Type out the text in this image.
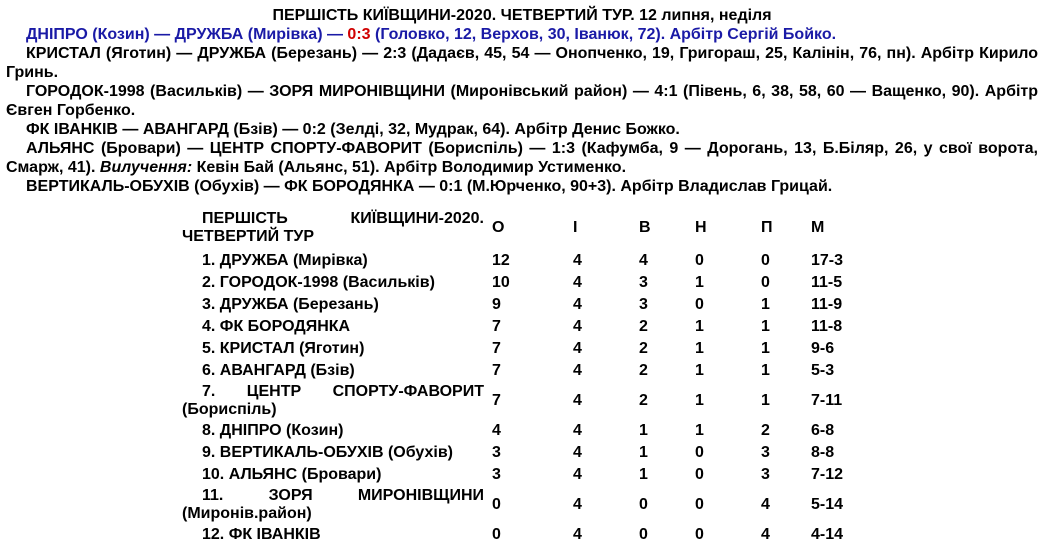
ПЕРШІСТЬ КИЇВЩИНИ-2020. ЧЕТВЕРТИЙ ТУР. 12 липня, неділя

ДНІПРО (Козин) — ДРУЖБА (Мирівка) — 0:3 (Головко, 12, Верхов, 30, Іванюк, 72). Арбітр Сергій Бойко.

КРИСТАЛ (Яготин) — ДРУЖБА (Березань) — 2:3 (Дадаєв, 45, 54 — Онопченко, 19, Григораш, 25, Калінін, 76, пн). Арбітр Кирило Гринь.

ГОРОДОК-1998 (Васильків) — ЗОРЯ МИРОНІВЩИНИ (Миронівський район) — 4:1 (Півень, 6, 38, 58, 60 — Ващенко, 90). Арбітр Євген Горбенко.

ФК ІВАНКІВ — АВАНГАРД (Бзів) — 0:2 (Зелді, 32, Мудрак, 64). Арбітр Денис Божко.

АЛЬЯНС (Бровари) — ЦЕНТР СПОРТУ-ФАВОРИТ (Бориспіль) — 1:3 (Кафумба, 9 — Дорогань, 13, Б.Біляр, 26, у свої ворота, Смарж, 41). Вилучення: Кевін Бай (Альянс, 51). Арбітр Володимир Устименко.

ВЕРТИКАЛЬ-ОБУХІВ (Обухів) — ФК БОРОДЯНКА — 0:1 (М.Юрченко, 90+3). Арбітр Владислав Грицай.

ПЕРШІСТЬ КИЇВЩИНИ-2020.
ЧЕТВЕРТИЙ ТУР	О	І	В	Н	П	М
1. ДРУЖБА (Мирівка)	12	4	4	0	0	17-3
2. ГОРОДОК-1998 (Васильків)	10	4	3	1	0	11-5
3. ДРУЖБА (Березань)	9	4	3	0	1	11-9
4. ФК БОРОДЯНКА	7	4	2	1	1	11-8
5. КРИСТАЛ (Яготин)	7	4	2	1	1	9-6
6. АВАНГАРД (Бзів)	7	4	2	1	1	5-3

7. ЦЕНТР СПОРТУ-ФАВОРИТ
(Бориспіль)	7	4	2	1	1	7-11
8. ДНІПРО (Козин)	4	4	1	1	2	6-8
9. ВЕРТИКАЛЬ-ОБУХІВ (Обухів)	3	4	1	0	3	8-8
10. АЛЬЯНС (Бровари)	3	4	1	0	3	7-12

11. ЗОРЯ МИРОНІВЩИНИ
(Миронів.район)	0	4	0	0	4	5-14
12. ФК ІВАНКІВ	0	4	0	0	4	4-14
